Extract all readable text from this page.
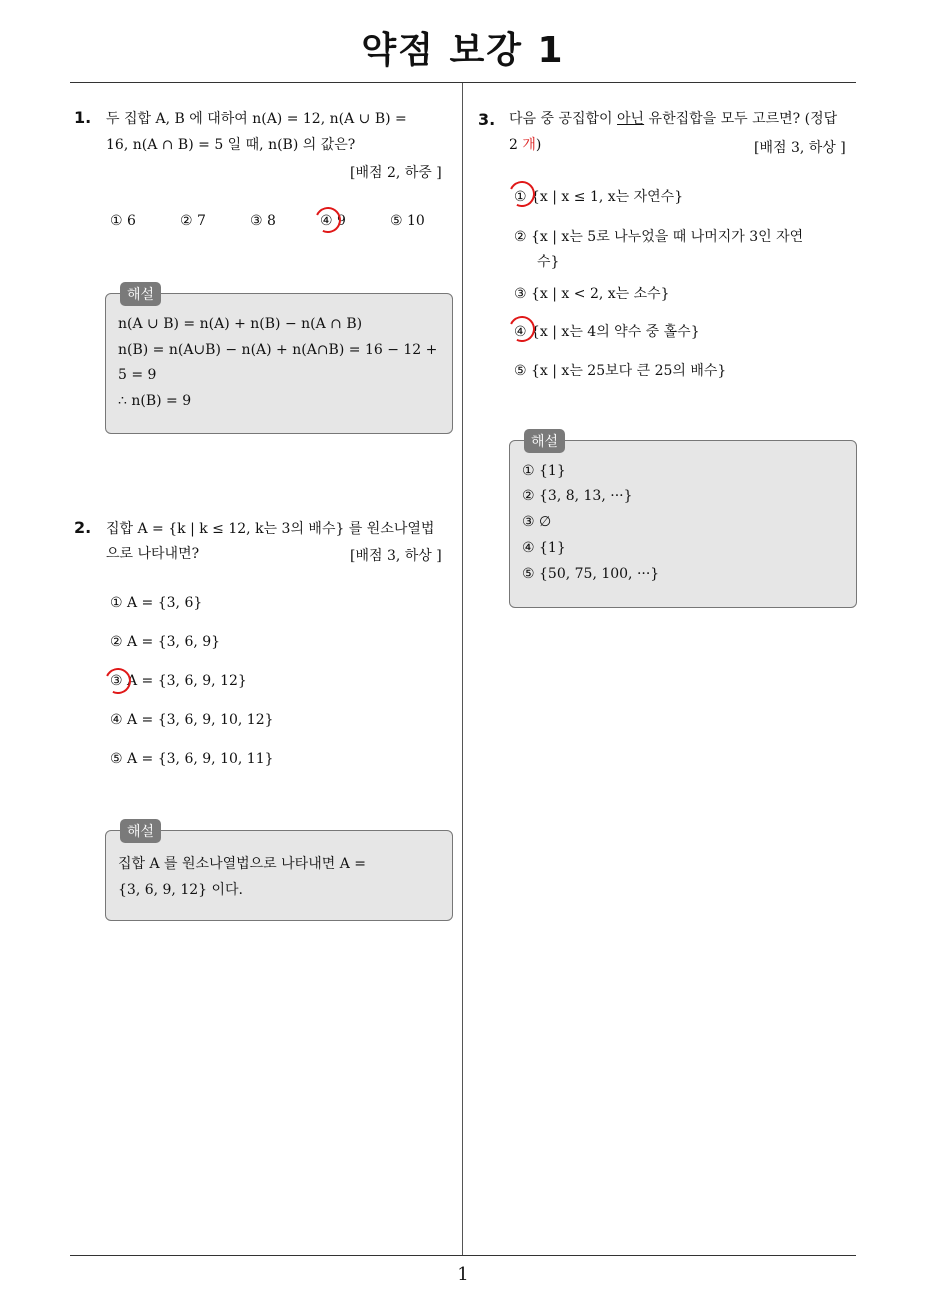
약점 보강 1
1
1. 두 집합 A, B 에 대하여 n(A) = 12, n(A ∪ B) =
16, n(A ∩ B) = 5 일 때, n(B) 의 값은?
[배점 2, 하중 ]
① 6	② 7	③ 8	④ 9	⑤ 10
n(A ∪ B) = n(A) + n(B) − n(A ∩ B)
n(B) = n(A∪B) − n(A) + n(A∩B) = 16 − 12 +
5 = 9
∴ n(B) = 9
해설
2. 집합 A = {k | k ≤ 12, k는 3의 배수} 를 원소나열법
으로 나타내면?	[배점 3, 하상 ]
① A = {3, 6}
② A = {3, 6, 9}
③ A = {3, 6, 9, 12}
④ A = {3, 6, 9, 10, 12}
⑤ A = {3, 6, 9, 10, 11}
집합 A 를 원소나열법으로 나타내면 A =
{3, 6, 9, 12} 이다.
해설
3. 다음 중 공집합이 아닌 유한집합을 모두 고르면? (정답
2 개)	[배점 3, 하상 ]
① {x | x ≤ 1, x는 자연수}
② {x | x는 5로 나누었을 때 나머지가 3인 자연
수}
③ {x | x < 2, x는 소수}
④ {x | x는 4의 약수 중 홀수}
⑤ {x | x는 25보다 큰 25의 배수}
① {1}
② {3, 8, 13, ···}
③ ∅
④ {1}
⑤ {50, 75, 100, ···}
해설
